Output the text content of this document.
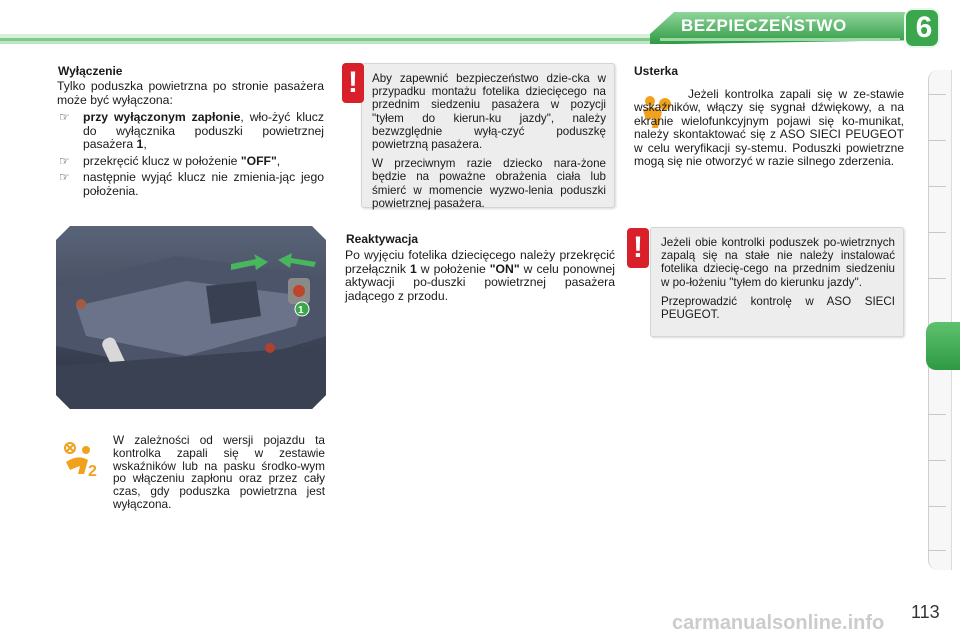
BEZPIECZEŃSTWO 6
Wyłączenie
Tylko poduszka powietrzna po stronie pasażera może być wyłączona:
☞ przy wyłączonym zapłonie, wło-żyć klucz do wyłącznika poduszki powietrznej pasażera 1,
☞ przekręcić klucz w położenie "OFF",
☞ następnie wyjąć klucz nie zmienia-jąc jego położenia.
1
2
W zależności od wersji pojazdu ta kontrolka zapali się w zestawie wskaźników lub na pasku środko-wym po włączeniu zapłonu oraz przez cały czas, gdy poduszka powietrzna jest wyłączona.

Aby zapewnić bezpieczeństwo dzie-cka w przypadku montażu fotelika dziecięcego na przednim siedzeniu pasażera w pozycji "tyłem do kierun-ku jazdy", należy bezwzględnie wyłą-czyć poduszkę powietrzną pasażera.

W przeciwnym razie dziecko nara-żone będzie na poważne obrażenia ciała lub śmierć w momencie wyzwo-lenia poduszki powietrznej pasażera.

!
Reaktywacja
Po wyjęciu fotelika dziecięcego należy przekręcić przełącznik 1 w położenie "ON" w celu ponownej aktywacji po-duszki powietrznej pasażera jadącego z przodu.
Usterka
Jeżeli kontrolka zapali się w ze-stawie wskaźników, włączy się sygnał dźwiękowy, a na ekranie wielofunkcyjnym pojawi się ko-munikat, należy skontaktować się z ASO SIECI PEUGEOT w celu weryfikacji sy-stemu. Poduszki powietrzne mogą się nie otworzyć w razie silnego zderzenia.

Jeżeli obie kontrolki poduszek po-wietrznych zapalą się na stałe nie należy instalować fotelika dziecię-cego na przednim siedzeniu w po-łożeniu "tyłem do kierunku jazdy".

Przeprowadzić kontrolę w ASO SIECI PEUGEOT.

!
113
carmanualsonline.info
